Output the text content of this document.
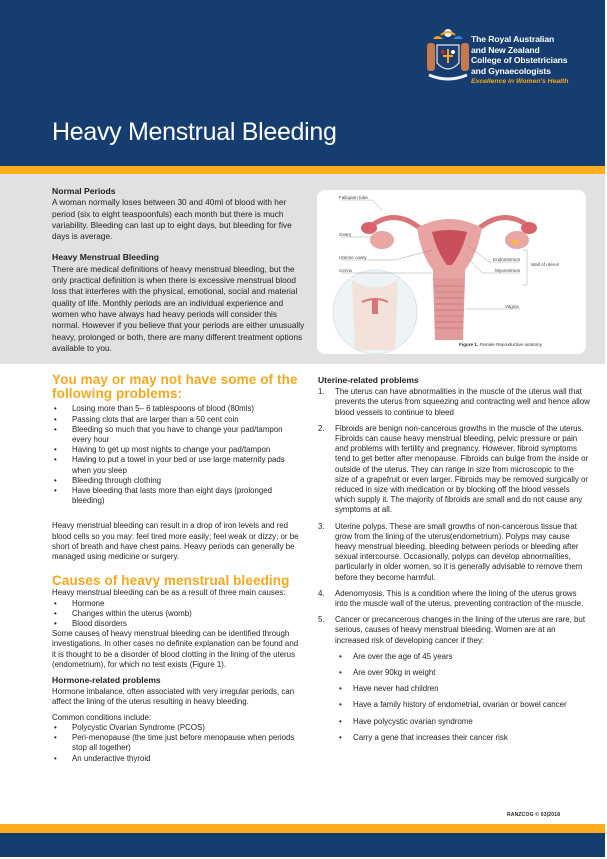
The Royal Australian
and New Zealand
College of Obstetricians
and Gynaecologists
Excellence in Women's Health
Heavy Menstrual Bleeding
Normal Periods

A woman normally loses between 30 and 40ml of blood with her period (six to eight teaspoonfuls) each month but there is much variability. Bleeding can last up to eight days, but bleeding for five days is average.

Heavy Menstrual Bleeding

There are medical definitions of heavy menstrual bleeding, but the only practical definition is when there is excessive menstrual blood loss that interferes with the physical, emotional, social and material quality of life. Monthly periods are an individual experience and women who have always had heavy periods will consider this normal. However if you believe that your periods are either unusually heavy, prolonged or both, there are many different treatment options available to you.

Fallopian tube
Ovary
Uterine cavity
Cervix
Endometrium
Myometrium
Wall of uterus
Vagina
Figure 1. Female Reproductive anatomy
You may or may not have some of the following problems:
• Losing more than 5– 6 tablespoons of blood (80mls)
• Passing clots that are larger than a 50 cent coin
• Bleeding so much that you have to change your pad/tampon every hour
• Having to get up most nights to change your pad/tampon
• Having to put a towel in your bed or use large maternity pads when you sleep
• Bleeding through clothing
• Have bleeding that lasts more than eight days (prolonged bleeding)

Heavy menstrual bleeding can result in a drop of iron levels and red blood cells so you may: feel tired more easily; feel weak or dizzy; or be short of breath and have chest pains. Heavy periods can generally be managed using medicine or surgery.

Causes of heavy menstrual bleeding

Heavy menstrual bleeding can be as a result of three main causes:

• Hormone
• Changes within the uterus (womb)
• Blood disorders

Some causes of heavy menstrual bleeding can be identified through investigations. In other cases no definite explanation can be found and it is thought to be a disorder of blood clotting in the lining of the uterus (endometrium), for which no test exists (Figure 1).

Hormone-related problems

Hormone imbalance, often associated with very irregular periods, can affect the lining of the uterus resulting in heavy bleeding.

Common conditions include:

• Polycystic Ovarian Syndrome (PCOS)
• Peri-menopause (the time just before menopause when periods stop all together)
• An underactive thyroid
Uterine-related problems
1. The uterus can have abnormalities in the muscle of the uterus wall that prevents the uterus from squeezing and contracting well and hence allow blood vessels to continue to bleed
2. Fibroids are benign non-cancerous growths in the muscle of the uterus. Fibroids can cause heavy menstrual bleeding, pelvic pressure or pain and problems with fertility and pregnancy. However, fibroid symptoms tend to get better after menopause. Fibroids can bulge from the inside or outside of the uterus. They can range in size from microscopic to the size of a grapefruit or even larger. Fibroids may be removed surgically or reduced in size with medication or by blocking off the blood vessels which supply it. The majority of fibroids are small and do not cause any symptoms at all.
3. Uterine polyps. These are small growths of non-cancerous tissue that grow from the lining of the uterus(endometrium). Polyps may cause heavy menstrual bleeding, bleeding between periods or bleeding after sexual intercourse. Occasionally, polyps can develop abnormalities, particularly in older women, so it is generally advisable to remove them before they become harmful.
4. Adenomyosis. This is a condition where the lining of the uterus grows into the muscle wall of the uterus, preventing contraction of the muscle.
5. Cancer or precancerous changes in the lining of the uterus are rare, but serious, causes of heavy menstrual bleeding. Women are at an increased risk of developing cancer if they:
• Are over the age of 45 years
• Are over 90kg in weight
• Have never had children
• Have a family history of endometrial, ovarian or bowel cancer
• Have polycystic ovarian syndrome
• Carry a gene that increases their cancer risk
RANZCOG © 03|2018
